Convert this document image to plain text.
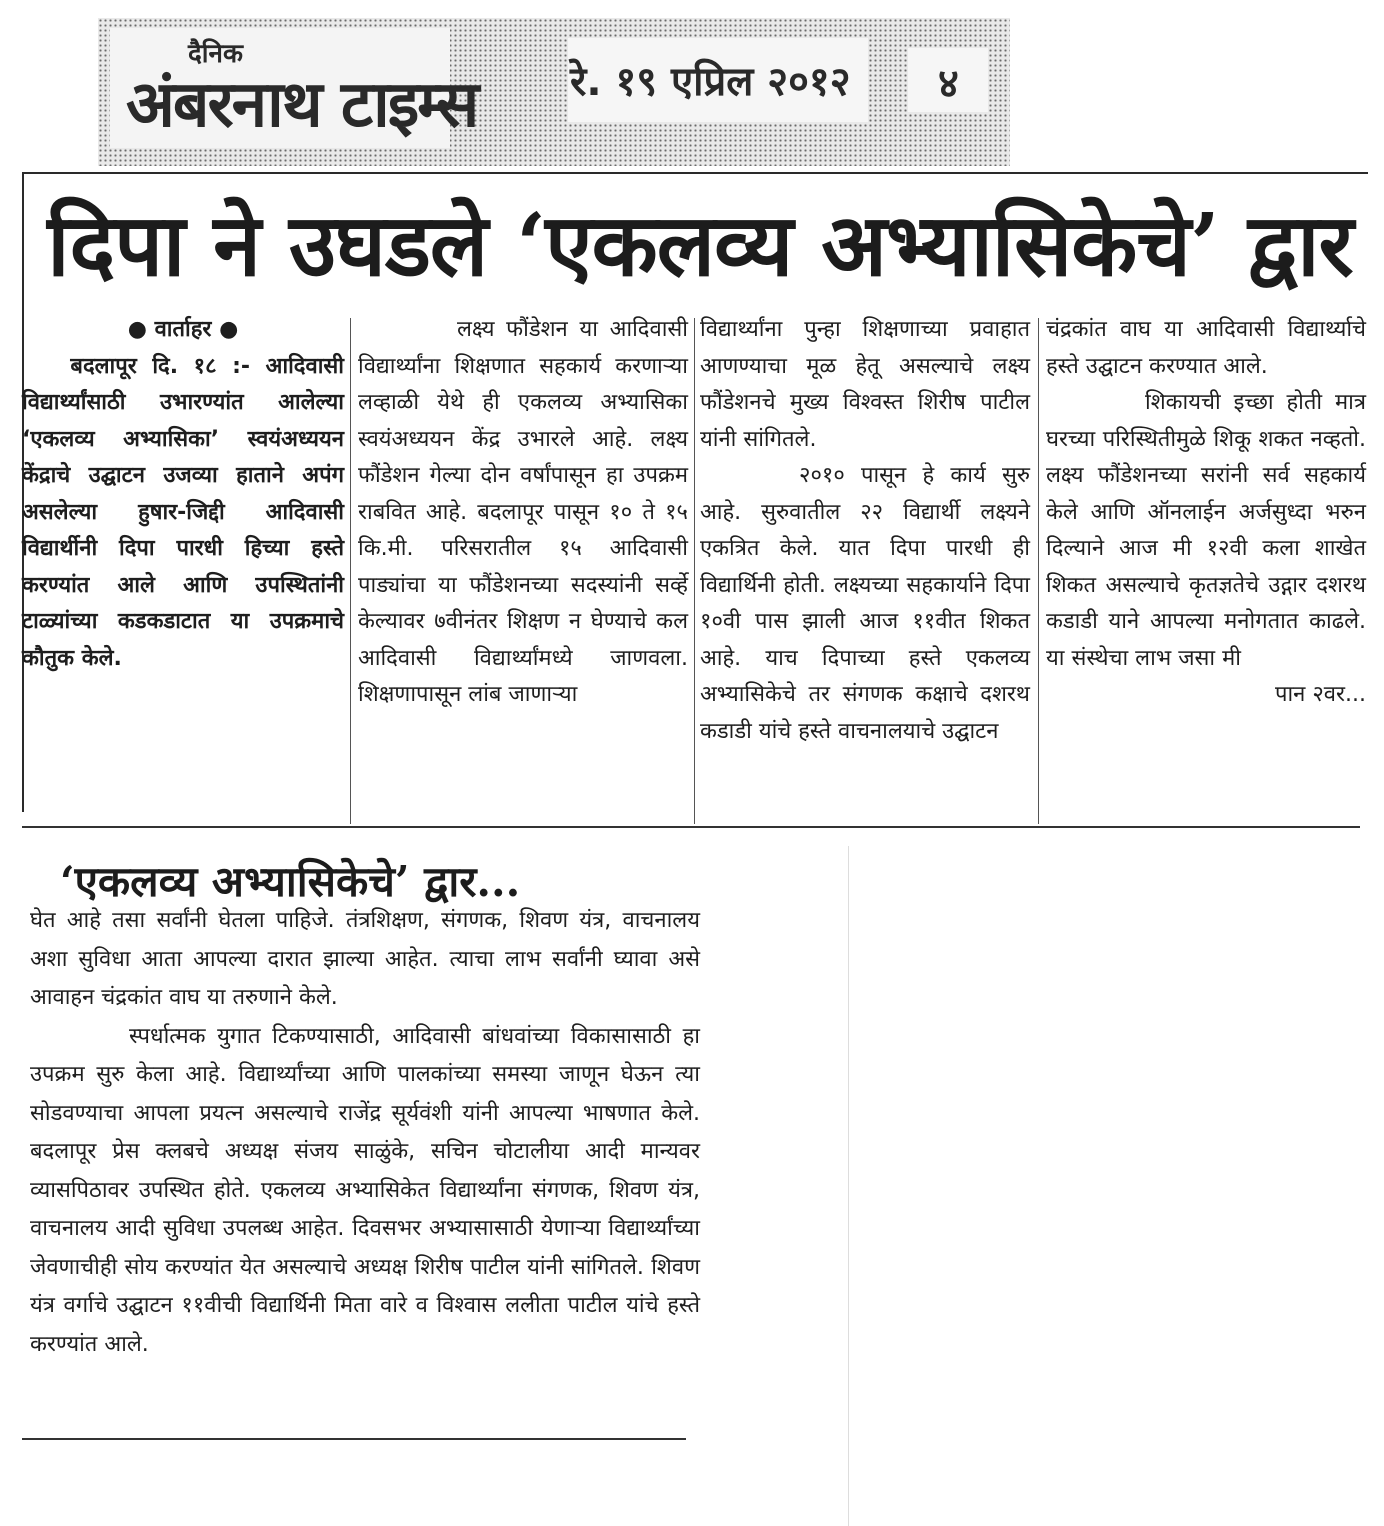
दैनिक
अंबरनाथ टाइम्स रे. १९ एप्रिल २०१२ ४
दिपा ने उघडले ‘एकलव्य अभ्यासिकेचे’ द्वार

● वार्ताहर ●

बदलापूर दि. १८ :- आदिवासी विद्यार्थ्यांसाठी उभारण्यांत आलेल्या ‘एकलव्य अभ्यासिका’ स्वयंअध्ययन केंद्राचे उद्घाटन उजव्या हाताने अपंग असलेल्या हुषार-जिद्दी आदिवासी विद्यार्थीनी दिपा पारधी हिच्या हस्ते करण्यांत आले आणि उपस्थितांनी टाळ्यांच्या कडकडाटात या उपक्रमाचे कौतुक केले.

लक्ष्य फौंडेशन या आदिवासी विद्यार्थ्यांना शिक्षणात सहकार्य करणाऱ्या लव्हाळी येथे ही एकलव्य अभ्यासिका स्वयंअध्ययन केंद्र उभारले आहे. लक्ष्य फौंडेशन गेल्या दोन वर्षांपासून हा उपक्रम राबवित आहे. बदलापूर पासून १० ते १५ कि.मी. परिसरातील १५ आदिवासी पाड्यांचा या फौंडेशनच्या सदस्यांनी सर्व्हे केल्यावर ७वीनंतर शिक्षण न घेण्याचे कल आदिवासी विद्यार्थ्यांमध्ये जाणवला. शिक्षणापासून लांब जाणाऱ्या

विद्यार्थ्यांना पुन्हा शिक्षणाच्या प्रवाहात आणण्याचा मूळ हेतू असल्याचे लक्ष्य फौंडेशनचे मुख्य विश्वस्त शिरीष पाटील यांनी सांगितले.

२०१० पासून हे कार्य सुरु आहे. सुरुवातील २२ विद्यार्थी लक्ष्यने एकत्रित केले. यात दिपा पारधी ही विद्यार्थिनी होती. लक्ष्यच्या सहकार्याने दिपा १०वी पास झाली आज ११वीत शिकत आहे. याच दिपाच्या हस्ते एकलव्य अभ्यासिकेचे तर संगणक कक्षाचे दशरथ कडाडी यांचे हस्ते वाचनालयाचे उद्घाटन

चंद्रकांत वाघ या आदिवासी विद्यार्थ्याचे हस्ते उद्घाटन करण्यात आले.

शिकायची इच्छा होती मात्र घरच्या परिस्थितीमुळे शिकू शकत नव्हतो. लक्ष्य फौंडेशनच्या सरांनी सर्व सहकार्य केले आणि ऑनलाईन अर्जसुध्दा भरुन दिल्याने आज मी १२वी कला शाखेत शिकत असल्याचे कृतज्ञतेचे उद्गार दशरथ कडाडी याने आपल्या मनोगतात काढले. या संस्थेचा लाभ जसा मी

पान २वर...

‘एकलव्य अभ्यासिकेचे’ द्वार...

घेत आहे तसा सर्वांनी घेतला पाहिजे. तंत्रशिक्षण, संगणक, शिवण यंत्र, वाचनालय अशा सुविधा आता आपल्या दारात झाल्या आहेत. त्याचा लाभ सर्वांनी घ्यावा असे आवाहन चंद्रकांत वाघ या तरुणाने केले.

स्पर्धात्मक युगात टिकण्यासाठी, आदिवासी बांधवांच्या विकासासाठी हा उपक्रम सुरु केला आहे. विद्यार्थ्यांच्या आणि पालकांच्या समस्या जाणून घेऊन त्या सोडवण्याचा आपला प्रयत्न असल्याचे राजेंद्र सूर्यवंशी यांनी आपल्या भाषणात केले. बदलापूर प्रेस क्लबचे अध्यक्ष संजय साळुंके, सचिन चोटालीया आदी मान्यवर व्यासपिठावर उपस्थित होते. एकलव्य अभ्यासिकेत विद्यार्थ्यांना संगणक, शिवण यंत्र, वाचनालय आदी सुविधा उपलब्ध आहेत. दिवसभर अभ्यासासाठी येणाऱ्या विद्यार्थ्यांच्या जेवणाचीही सोय करण्यांत येत असल्याचे अध्यक्ष शिरीष पाटील यांनी सांगितले. शिवण यंत्र वर्गाचे उद्घाटन ११वीची विद्यार्थिनी मिता वारे व विश्वास ललीता पाटील यांचे हस्ते करण्यांत आले.
